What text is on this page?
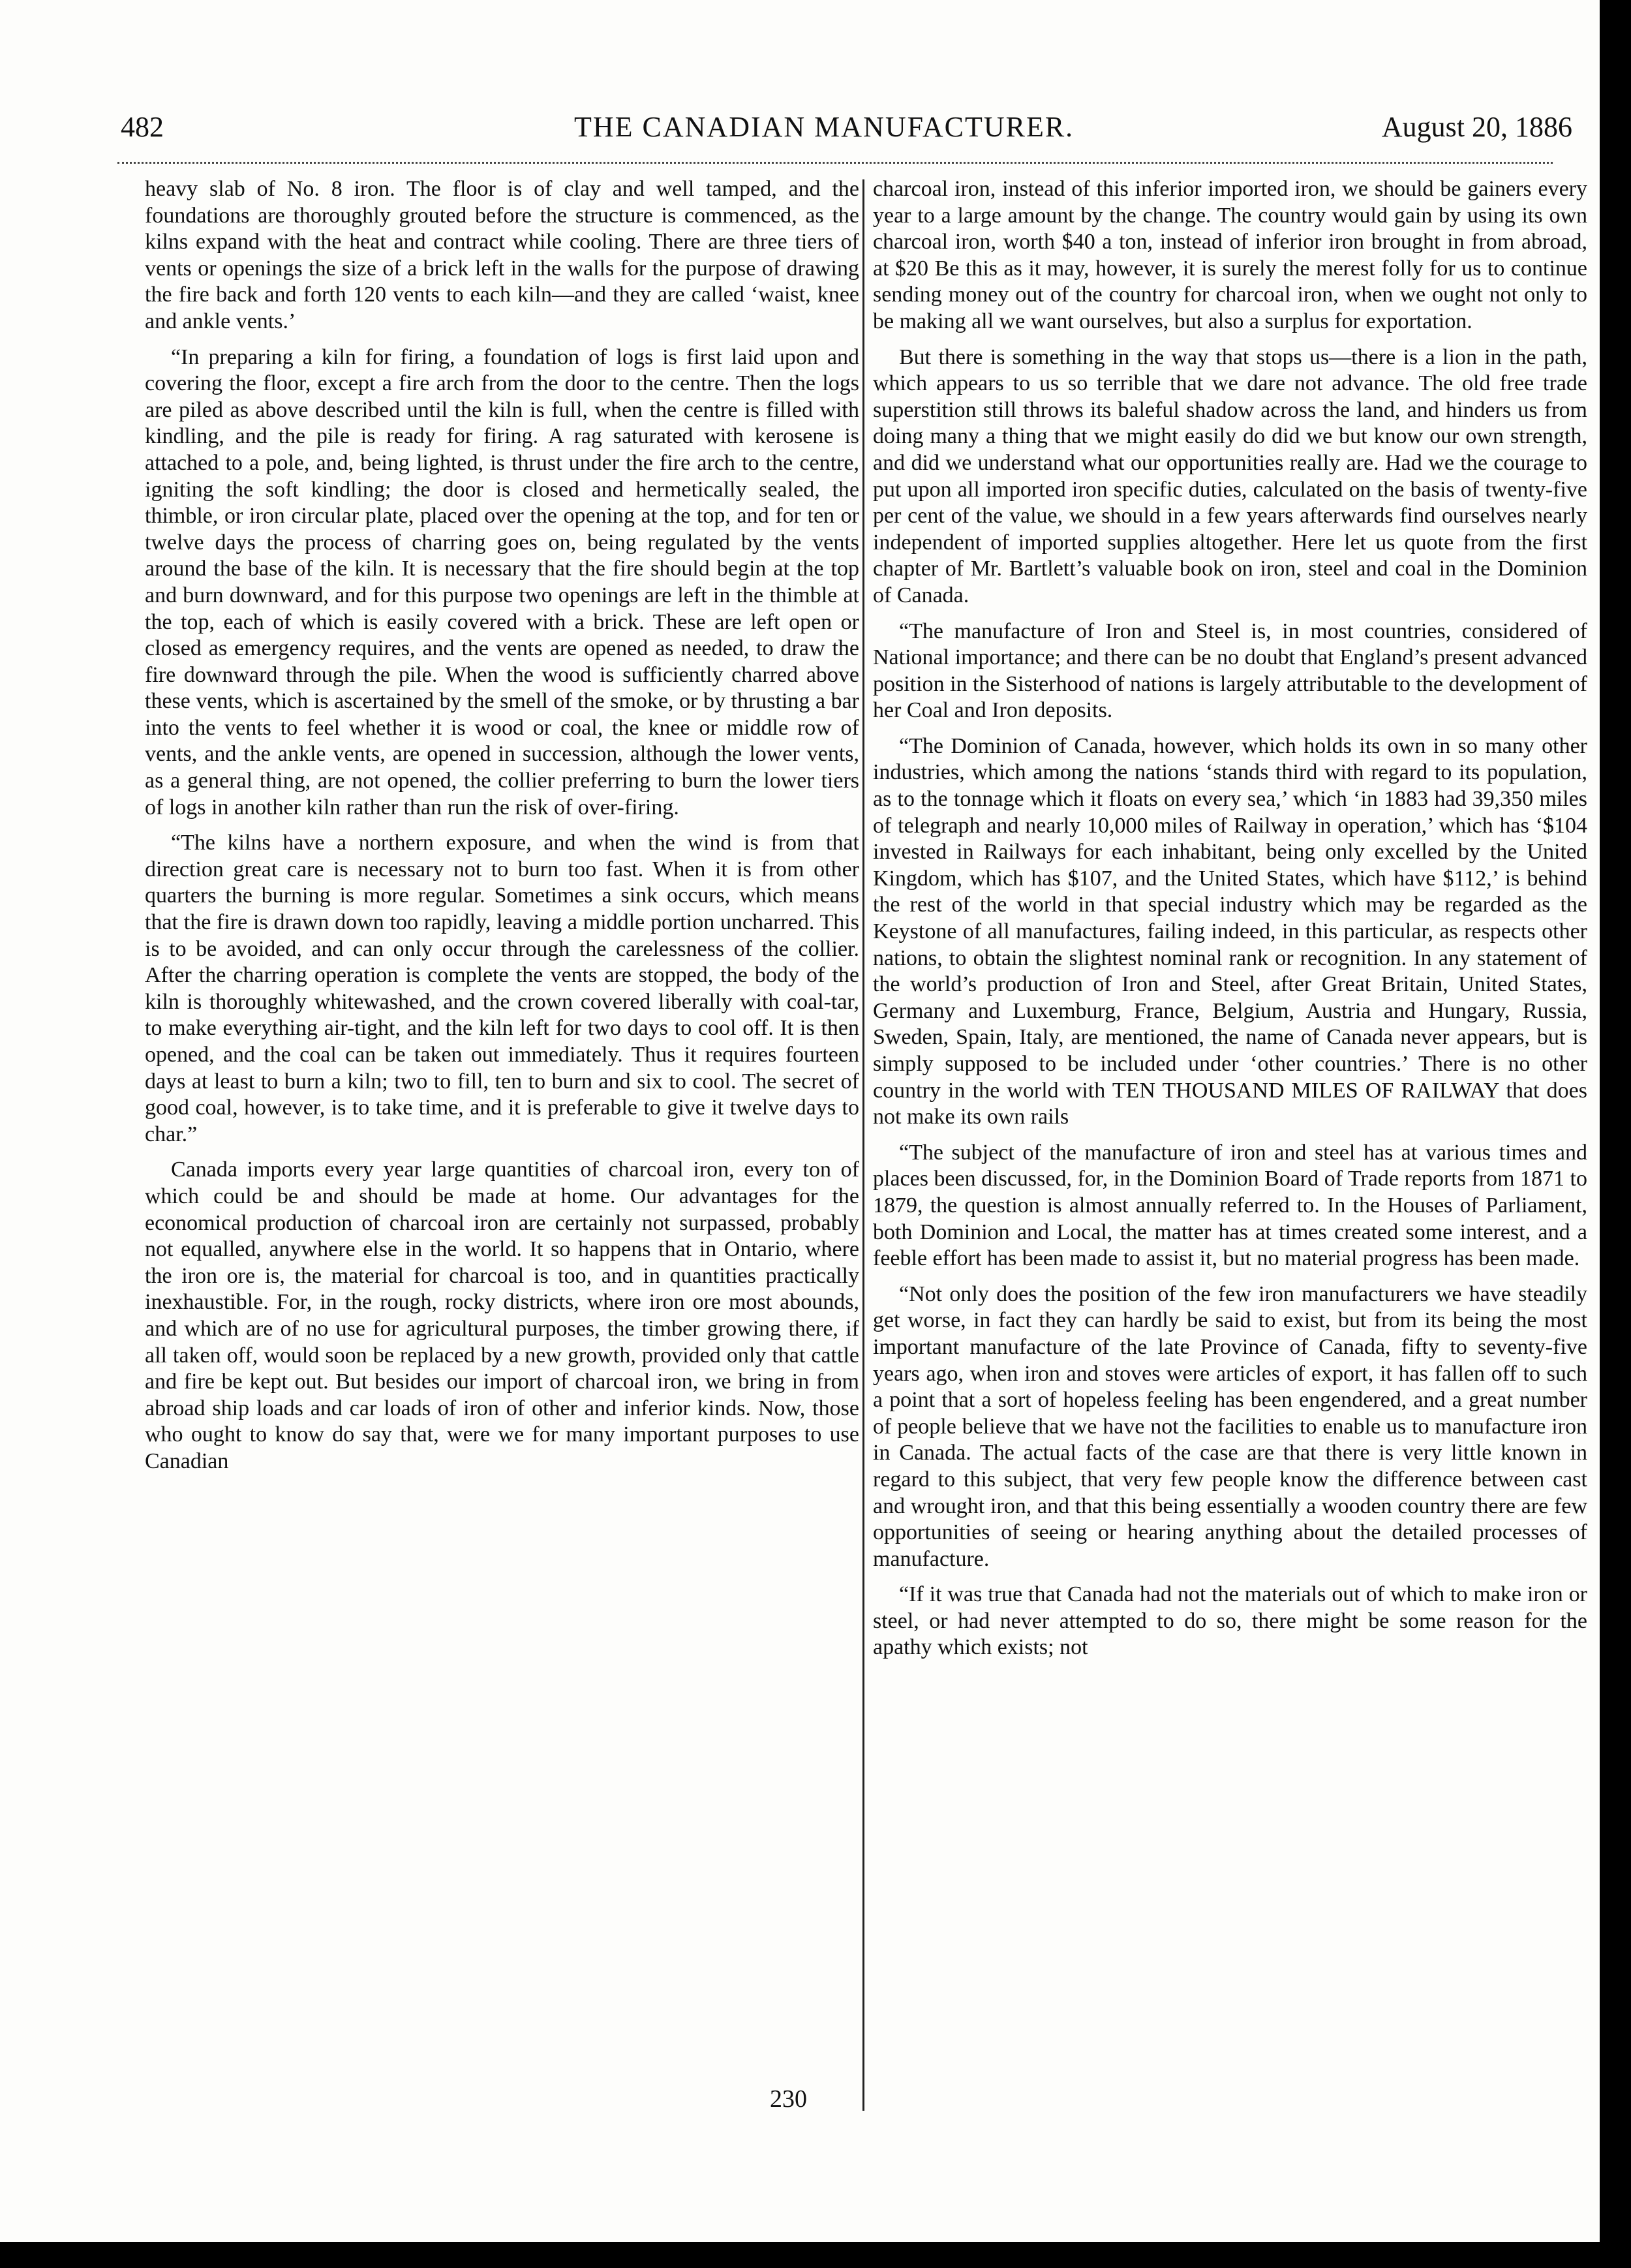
482	THE CANADIAN MANUFACTURER.	August 20, 1886

heavy slab of No. 8 iron. The floor is of clay and well tamped, and the foundations are thoroughly grouted before the structure is commenced, as the kilns expand with the heat and contract while cooling. There are three tiers of vents or openings the size of a brick left in the walls for the purpose of drawing the fire back and forth 120 vents to each kiln—and they are called ‘waist, knee and ankle vents.’

“In preparing a kiln for firing, a foundation of logs is first laid upon and covering the floor, except a fire arch from the door to the centre. Then the logs are piled as above described until the kiln is full, when the centre is filled with kindling, and the pile is ready for firing. A rag saturated with kerosene is attached to a pole, and, being lighted, is thrust under the fire arch to the centre, igniting the soft kindling; the door is closed and hermetically sealed, the thimble, or iron circular plate, placed over the opening at the top, and for ten or twelve days the process of charring goes on, being regulated by the vents around the base of the kiln. It is necessary that the fire should begin at the top and burn downward, and for this purpose two openings are left in the thimble at the top, each of which is easily covered with a brick. These are left open or closed as emergency requires, and the vents are opened as needed, to draw the fire downward through the pile. When the wood is sufficiently charred above these vents, which is ascertained by the smell of the smoke, or by thrusting a bar into the vents to feel whether it is wood or coal, the knee or middle row of vents, and the ankle vents, are opened in succession, although the lower vents, as a general thing, are not opened, the collier preferring to burn the lower tiers of logs in another kiln rather than run the risk of over-firing.

“The kilns have a northern exposure, and when the wind is from that direction great care is necessary not to burn too fast. When it is from other quarters the burning is more regular. Sometimes a sink occurs, which means that the fire is drawn down too rapidly, leaving a middle portion uncharred. This is to be avoided, and can only occur through the carelessness of the collier. After the charring operation is complete the vents are stopped, the body of the kiln is thoroughly whitewashed, and the crown covered liberally with coal-tar, to make everything air-tight, and the kiln left for two days to cool off. It is then opened, and the coal can be taken out immediately. Thus it requires fourteen days at least to burn a kiln; two to fill, ten to burn and six to cool. The secret of good coal, however, is to take time, and it is preferable to give it twelve days to char.”

Canada imports every year large quantities of charcoal iron, every ton of which could be and should be made at home. Our advantages for the economical production of charcoal iron are certainly not surpassed, probably not equalled, anywhere else in the world. It so happens that in Ontario, where the iron ore is, the material for charcoal is too, and in quantities practically inexhaustible. For, in the rough, rocky districts, where iron ore most abounds, and which are of no use for agricultural purposes, the timber growing there, if all taken off, would soon be replaced by a new growth, provided only that cattle and fire be kept out. But besides our import of charcoal iron, we bring in from abroad ship loads and car loads of iron of other and inferior kinds. Now, those who ought to know do say that, were we for many important purposes to use Canadian

charcoal iron, instead of this inferior imported iron, we should be gainers every year to a large amount by the change. The country would gain by using its own charcoal iron, worth $40 a ton, instead of inferior iron brought in from abroad, at $20 Be this as it may, however, it is surely the merest folly for us to continue sending money out of the country for charcoal iron, when we ought not only to be making all we want ourselves, but also a surplus for exportation.

But there is something in the way that stops us—there is a lion in the path, which appears to us so terrible that we dare not advance. The old free trade superstition still throws its baleful shadow across the land, and hinders us from doing many a thing that we might easily do did we but know our own strength, and did we understand what our opportunities really are. Had we the courage to put upon all imported iron specific duties, calculated on the basis of twenty-five per cent of the value, we should in a few years afterwards find ourselves nearly independent of imported supplies altogether. Here let us quote from the first chapter of Mr. Bartlett’s valuable book on iron, steel and coal in the Dominion of Canada.

“The manufacture of Iron and Steel is, in most countries, considered of National importance; and there can be no doubt that England’s present advanced position in the Sisterhood of nations is largely attributable to the development of her Coal and Iron deposits.

“The Dominion of Canada, however, which holds its own in so many other industries, which among the nations ‘stands third with regard to its population, as to the tonnage which it floats on every sea,’ which ‘in 1883 had 39,350 miles of telegraph and nearly 10,000 miles of Railway in operation,’ which has ‘$104 invested in Railways for each inhabitant, being only excelled by the United Kingdom, which has $107, and the United States, which have $112,’ is behind the rest of the world in that special industry which may be regarded as the Keystone of all manufactures, failing indeed, in this particular, as respects other nations, to obtain the slightest nominal rank or recognition. In any statement of the world’s production of Iron and Steel, after Great Britain, United States, Germany and Luxemburg, France, Belgium, Austria and Hungary, Russia, Sweden, Spain, Italy, are mentioned, the name of Canada never appears, but is simply supposed to be included under ‘other countries.’ There is no other country in the world with TEN THOUSAND MILES OF RAILWAY that does not make its own rails

“The subject of the manufacture of iron and steel has at various times and places been discussed, for, in the Dominion Board of Trade reports from 1871 to 1879, the question is almost annually referred to. In the Houses of Parliament, both Dominion and Local, the matter has at times created some interest, and a feeble effort has been made to assist it, but no material progress has been made.

“Not only does the position of the few iron manufacturers we have steadily get worse, in fact they can hardly be said to exist, but from its being the most important manufacture of the late Province of Canada, fifty to seventy-five years ago, when iron and stoves were articles of export, it has fallen off to such a point that a sort of hopeless feeling has been engendered, and a great number of people believe that we have not the facilities to enable us to manufacture iron in Canada. The actual facts of the case are that there is very little known in regard to this subject, that very few people know the difference between cast and wrought iron, and that this being essentially a wooden country there are few opportunities of seeing or hearing anything about the detailed processes of manufacture.

“If it was true that Canada had not the materials out of which to make iron or steel, or had never attempted to do so, there might be some reason for the apathy which exists; not

230
